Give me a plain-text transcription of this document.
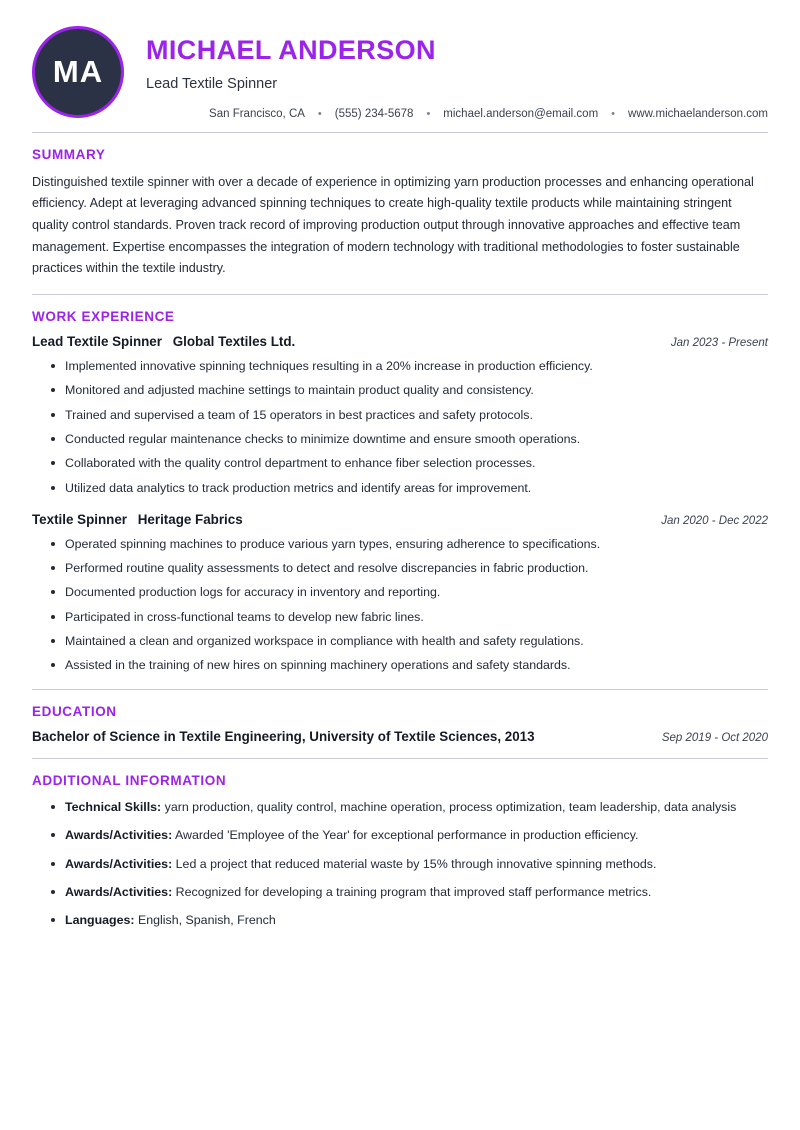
MA
MICHAEL ANDERSON
Lead Textile Spinner
San Francisco, CA	•	(555) 234-5678	•	michael.anderson@email.com	•	www.michaelanderson.com
SUMMARY

Distinguished textile spinner with over a decade of experience in optimizing yarn production processes and enhancing operational efficiency. Adept at leveraging advanced spinning techniques to create high-quality textile products while maintaining stringent quality control standards. Proven track record of improving production output through innovative approaches and effective team management. Expertise encompasses the integration of modern technology with traditional methodologies to foster sustainable practices within the textile industry.

WORK EXPERIENCE
Lead Textile Spinner Global Textiles Ltd.	Jan 2023 - Present
Implemented innovative spinning techniques resulting in a 20% increase in production efficiency.
Monitored and adjusted machine settings to maintain product quality and consistency.
Trained and supervised a team of 15 operators in best practices and safety protocols.
Conducted regular maintenance checks to minimize downtime and ensure smooth operations.
Collaborated with the quality control department to enhance fiber selection processes.
Utilized data analytics to track production metrics and identify areas for improvement.
Textile Spinner Heritage Fabrics	Jan 2020 - Dec 2022
Operated spinning machines to produce various yarn types, ensuring adherence to specifications.
Performed routine quality assessments to detect and resolve discrepancies in fabric production.
Documented production logs for accuracy in inventory and reporting.
Participated in cross-functional teams to develop new fabric lines.
Maintained a clean and organized workspace in compliance with health and safety regulations.
Assisted in the training of new hires on spinning machinery operations and safety standards.
EDUCATION
Bachelor of Science in Textile Engineering, University of Textile Sciences, 2013	Sep 2019 - Oct 2020
ADDITIONAL INFORMATION
Technical Skills: yarn production, quality control, machine operation, process optimization, team leadership, data analysis
Awards/Activities: Awarded 'Employee of the Year' for exceptional performance in production efficiency.
Awards/Activities: Led a project that reduced material waste by 15% through innovative spinning methods.
Awards/Activities: Recognized for developing a training program that improved staff performance metrics.
Languages: English, Spanish, French
